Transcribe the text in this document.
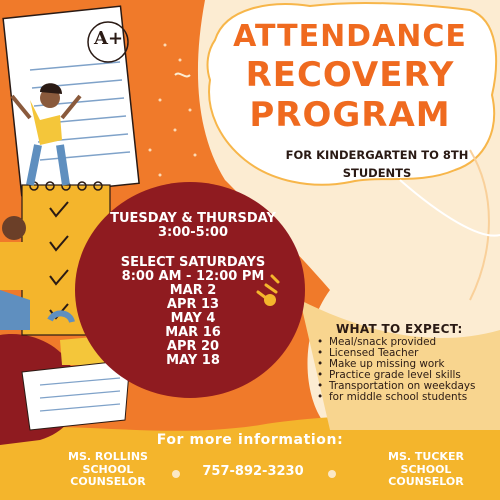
ATTENDANCE
RECOVERY
PROGRAM
FOR KINDERGARTEN TO 8TH
STUDENTS
A+
TUESDAY & THURSDAY
3:00-5:00
SELECT SATURDAYS
8:00 AM - 12:00 PM
MAR 2
APR 13
MAY 4
MAR 16
APR 20
MAY 18
WHAT TO EXPECT:
• Meal/snack provided
• Licensed Teacher
• Make up missing work
• Practice grade level skills
• Transportation on weekdays
• for middle school students
For more information:
MS. ROLLINS
SCHOOL
COUNSELOR
757-892-3230
MS. TUCKER
SCHOOL
COUNSELOR
